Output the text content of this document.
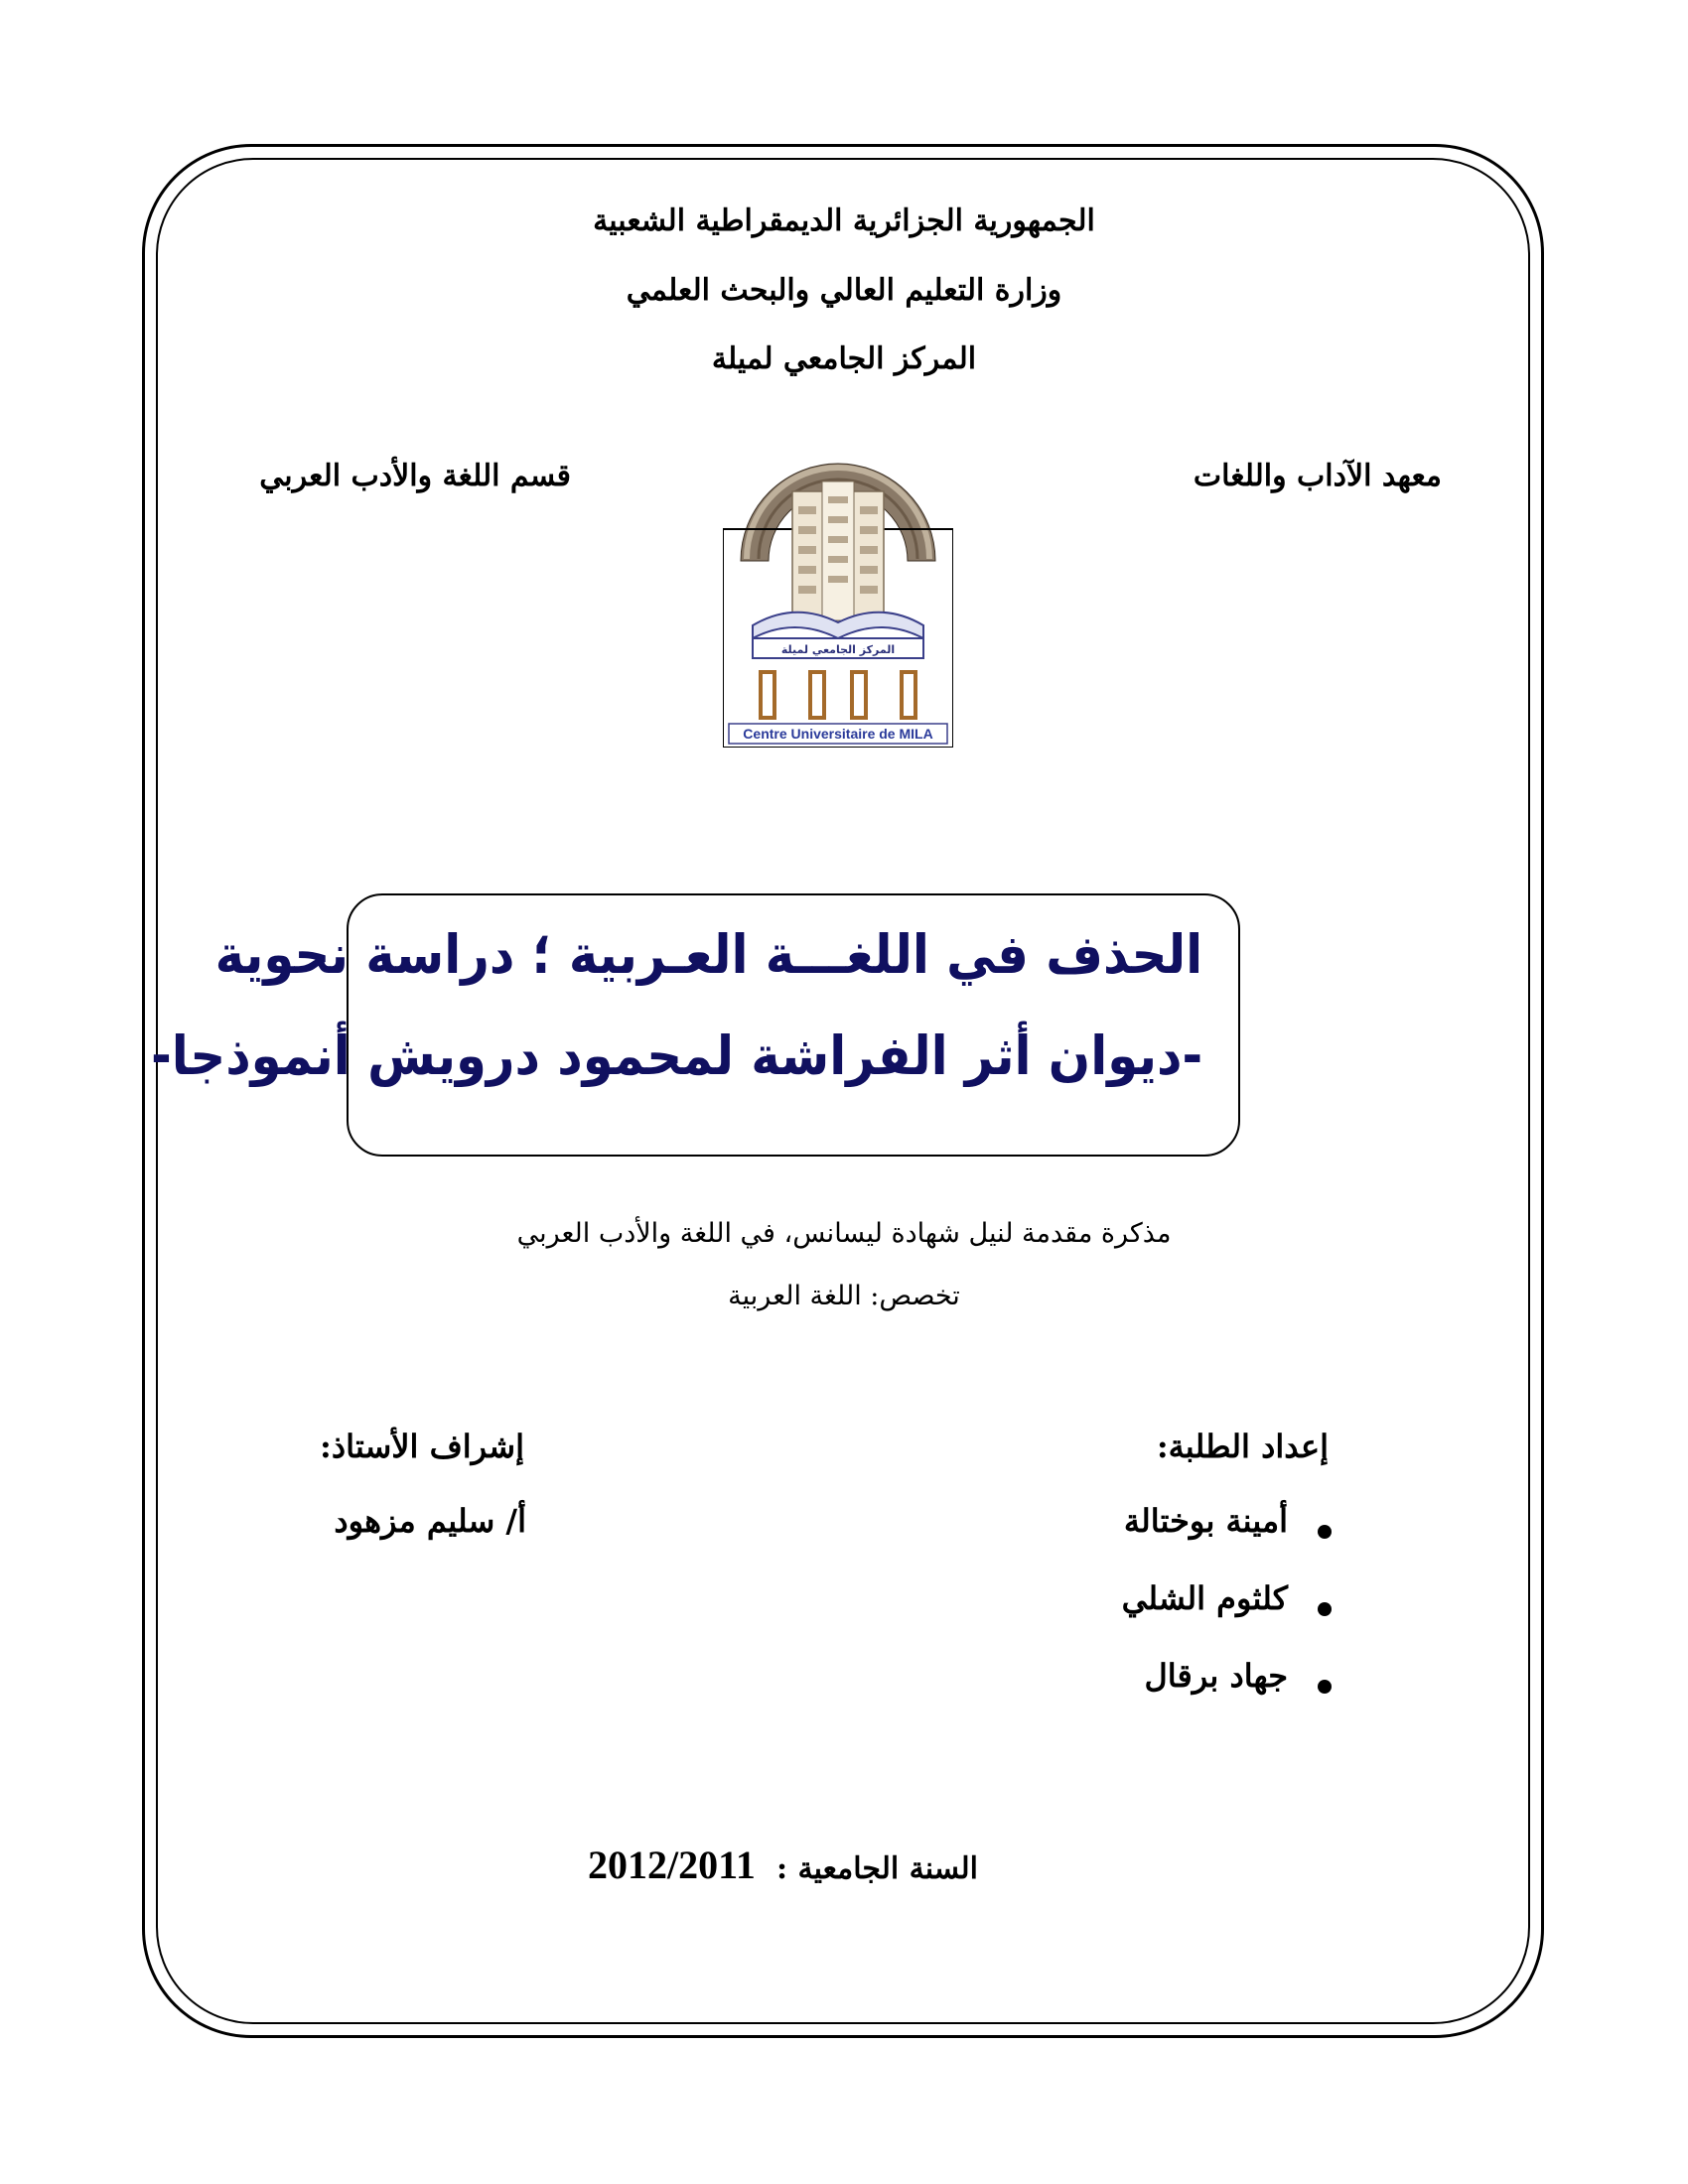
الجمهورية الجزائرية الديمقراطية الشعبية
وزارة التعليم العالي والبحث العلمي
المركز الجامعي لميلة
معهد الآداب واللغات
قسم اللغة والأدب العربي
المركز الجامعي لميلة
Centre Universitaire de MILA
الحذف في اللغـــة العـربية ؛ دراسة نحوية
-ديوان أثر الفراشة لمحمود درويش أنموذجا-
مذكرة مقدمة لنيل شهادة ليسانس، في اللغة والأدب العربي
تخصص: اللغة العربية
إعداد الطلبة:
أمينة بوختالة
كلثوم الشلي
جهاد برقال
إشراف الأستاذ:
أ/ سليم مزهود
السنة الجامعية :
2012/2011
